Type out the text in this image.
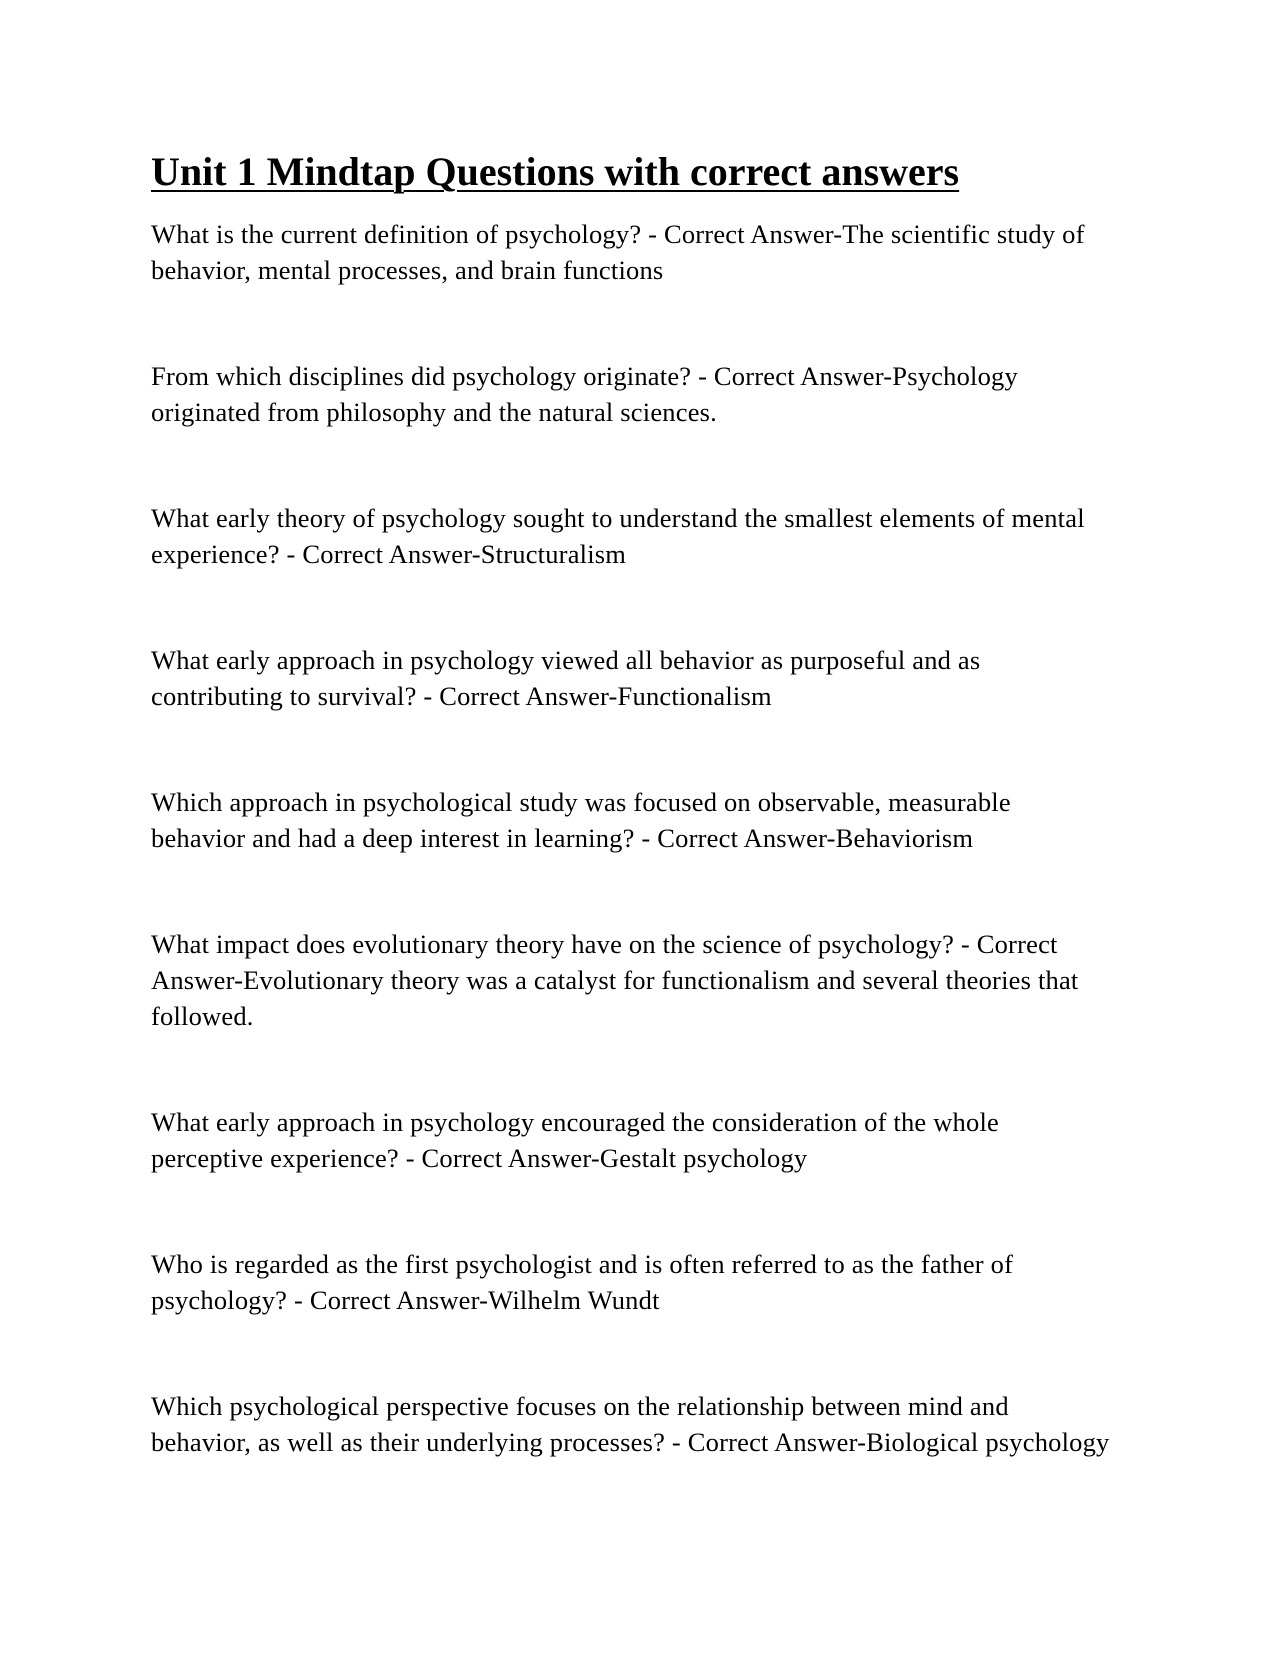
Unit 1 Mindtap Questions with correct answers

What is the current definition of psychology? - Correct Answer-The scientific study of behavior, mental processes, and brain functions

From which disciplines did psychology originate? - Correct Answer-Psychology originated from philosophy and the natural sciences.

What early theory of psychology sought to understand the smallest elements of mental experience? - Correct Answer-Structuralism

What early approach in psychology viewed all behavior as purposeful and as contributing to survival? - Correct Answer-Functionalism

Which approach in psychological study was focused on observable, measurable behavior and had a deep interest in learning? - Correct Answer-Behaviorism

What impact does evolutionary theory have on the science of psychology? - Correct Answer-Evolutionary theory was a catalyst for functionalism and several theories that followed.

What early approach in psychology encouraged the consideration of the whole perceptive experience? - Correct Answer-Gestalt psychology

Who is regarded as the first psychologist and is often referred to as the father of psychology? - Correct Answer-Wilhelm Wundt

Which psychological perspective focuses on the relationship between mind and behavior, as well as their underlying processes? - Correct Answer-Biological psychology
